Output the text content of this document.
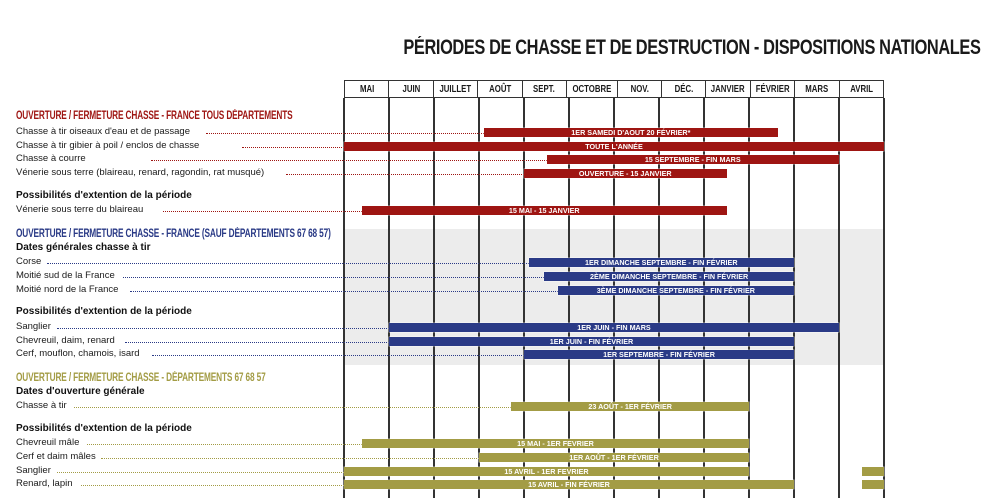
PÉRIODES DE CHASSE ET DE DESTRUCTION - DISPOSITIONS NATIONALES
MAI	JUIN JUILLET AOÛT SEPT. OCTOBRE NOV.	DÉC. JANVIER FÉVRIER MARS AVRIL
OUVERTURE / FERMETURE CHASSE - FRANCE TOUS DÉPARTEMENTS
Chasse à tir oiseaux d'eau et de passage	1ER SAMEDI D'AOUT 20 FÉVRIER*
Chasse à tir gibier à poil / enclos de chasse	TOUTE L'ANNÉE
Chasse à courre	15 SEPTEMBRE - FIN MARS
Vénerie sous terre (blaireau, renard, ragondin, rat musqué)	OUVERTURE - 15 JANVIER
Possibilités d'extention de la période
Vénerie sous terre du blaireau	15 MAI - 15 JANVIER
OUVERTURE / FERMETURE CHASSE - FRANCE (SAUF DÉPARTEMENTS 67 68 57)
Dates générales chasse à tir
Corse	1ER DIMANCHE SEPTEMBRE - FIN FÉVRIER
Moitié sud de la France	2ÈME DIMANCHE SEPTEMBRE - FIN FÉVRIER
Moitié nord de la France	3ÈME DIMANCHE SEPTEMBRE - FIN FÉVRIER
Possibilités d'extention de la période
Sanglier	1ER JUIN - FIN MARS
Chevreuil, daim, renard	1ER JUIN - FIN FÉVRIER
Cerf, mouflon, chamois, isard	1ER SEPTEMBRE - FIN FÉVRIER
OUVERTURE / FERMETURE CHASSE - DÉPARTEMENTS 67 68 57
Dates d'ouverture générale
Chasse à tir	23 AOÛT - 1ER FÉVRIER
Possibilités d'extention de la période
Chevreuil mâle	15 MAI - 1ER FEVRIER
Cerf et daim mâles	1ER AOÛT - 1ER FÉVRIER
Sanglier	15 AVRIL - 1ER FEVRIER
Renard, lapin	15 AVRIL - FIN FÉVRIER
